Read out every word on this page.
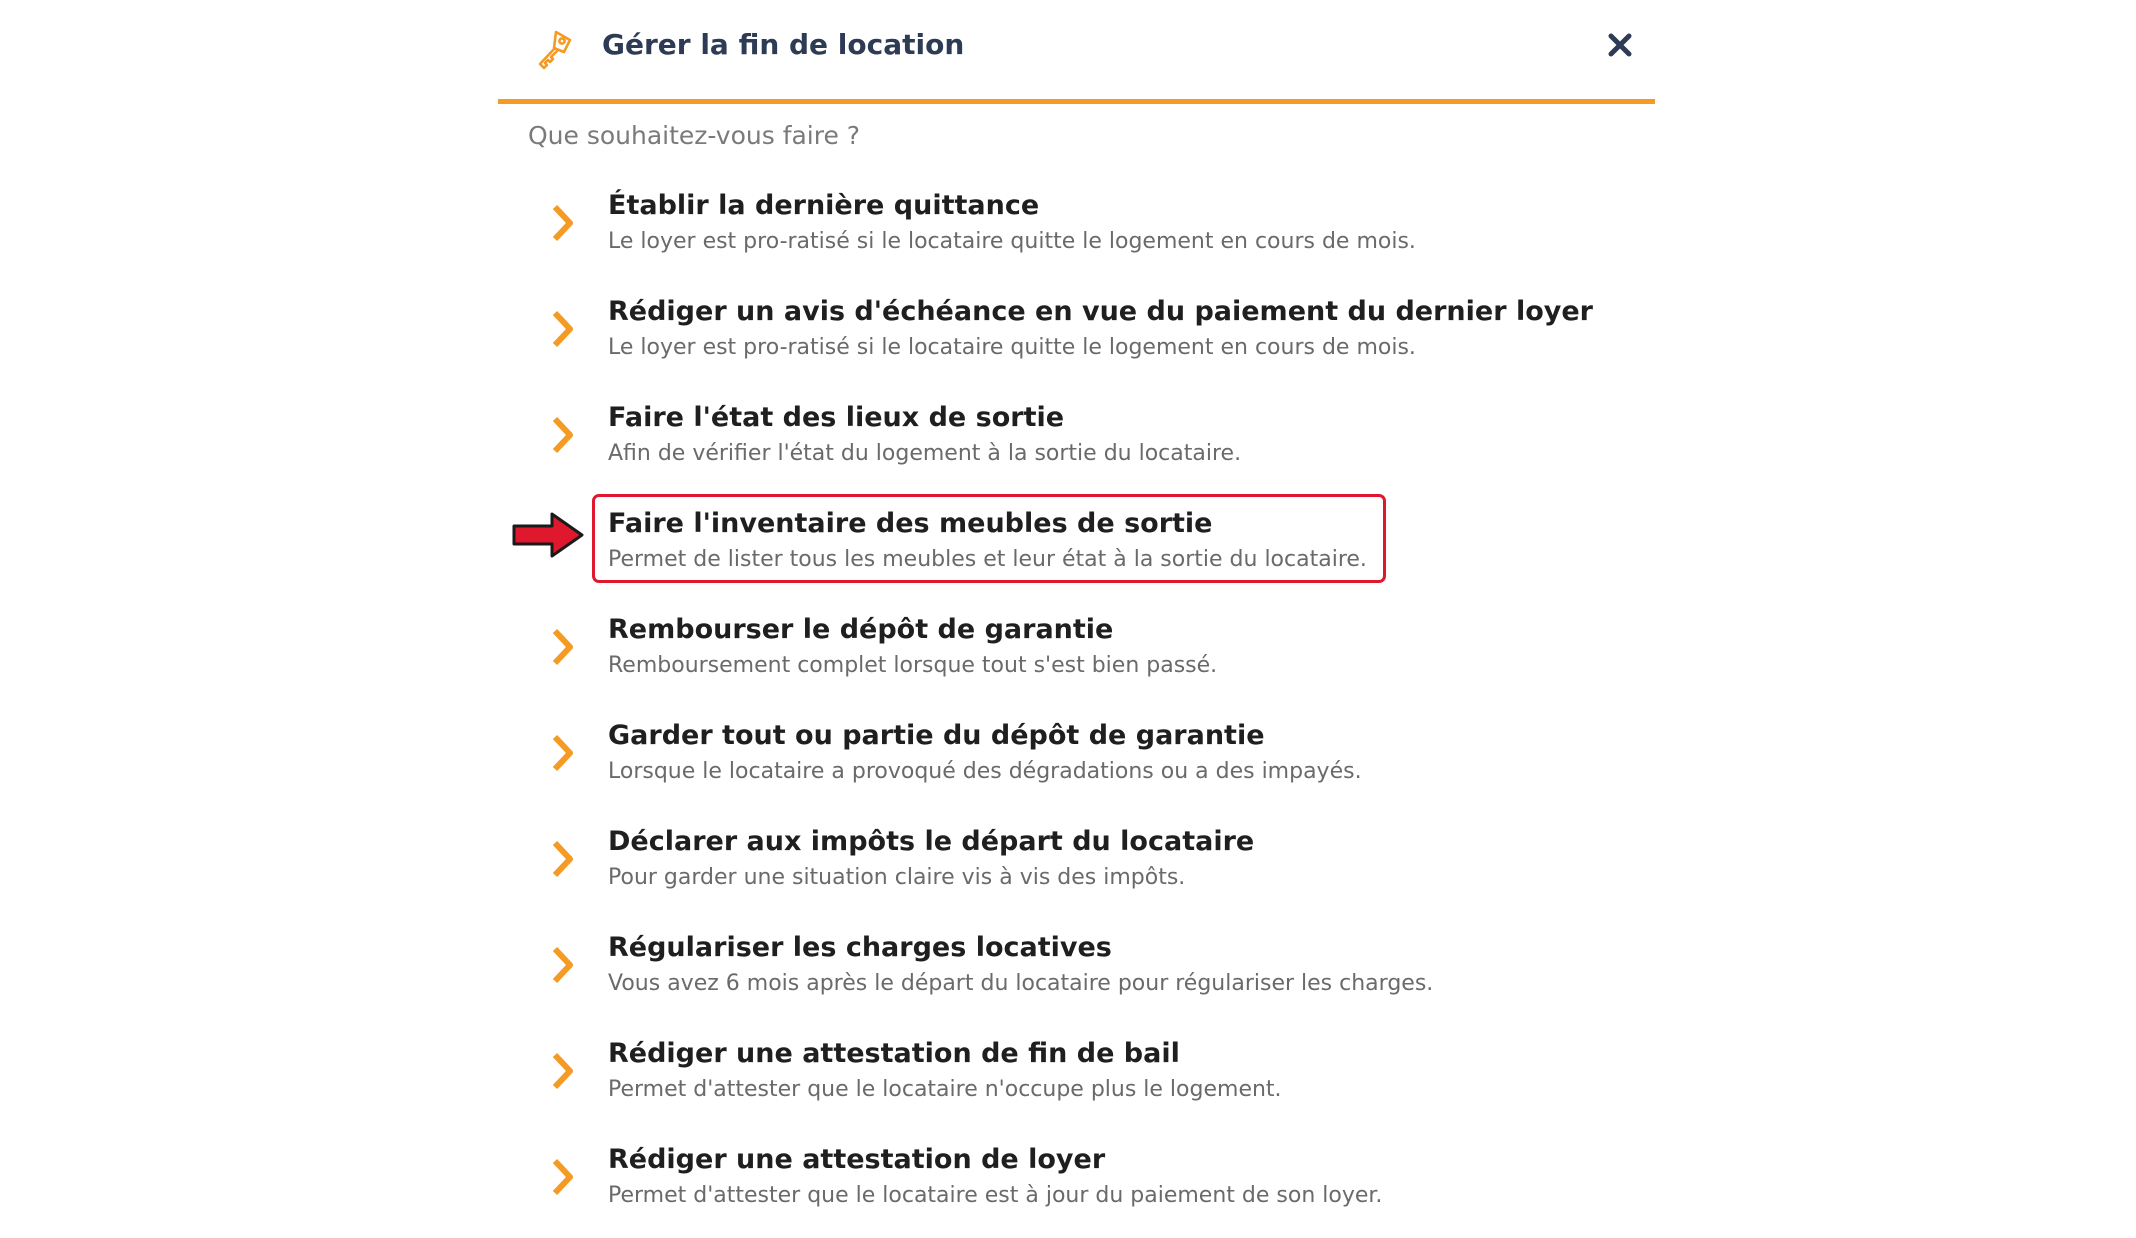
Gérer la fin de location
Que souhaitez-vous faire ?
Établir la dernière quittance
Le loyer est pro-ratisé si le locataire quitte le logement en cours de mois.
Rédiger un avis d'échéance en vue du paiement du dernier loyer
Le loyer est pro-ratisé si le locataire quitte le logement en cours de mois.
Faire l'état des lieux de sortie
Afin de vérifier l'état du logement à la sortie du locataire.
Faire l'inventaire des meubles de sortie
Permet de lister tous les meubles et leur état à la sortie du locataire.
Rembourser le dépôt de garantie
Remboursement complet lorsque tout s'est bien passé.
Garder tout ou partie du dépôt de garantie
Lorsque le locataire a provoqué des dégradations ou a des impayés.
Déclarer aux impôts le départ du locataire
Pour garder une situation claire vis à vis des impôts.
Régulariser les charges locatives
Vous avez 6 mois après le départ du locataire pour régulariser les charges.
Rédiger une attestation de fin de bail
Permet d'attester que le locataire n'occupe plus le logement.
Rédiger une attestation de loyer
Permet d'attester que le locataire est à jour du paiement de son loyer.
